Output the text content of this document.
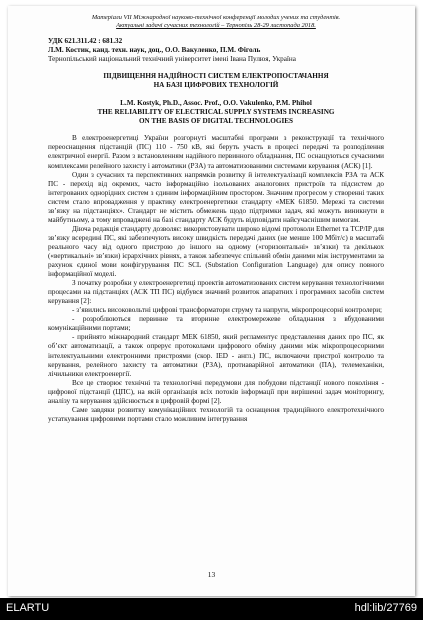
Матеріали VII Міжнародної науково-технічної конференції молодих учених та студентів.
Актуальні задачі сучасних технологій – Тернопіль 28-29 листопада 2018.
УДК 621.311.42 : 681.32
Л.М. Костик, канд. техн. наук, доц., О.О. Вакуленко, П.М. Фіголь
Тернопільський національний технічний університет імені Івана Пулюя, Україна
ПІДВИЩЕННЯ НАДІЙНОСТІ СИСТЕМ ЕЛЕКТРОПОСТАЧАННЯ
НА БАЗІ ЦИФРОВИХ ТЕХНОЛОГІЙ
L.M. Kostyk, Ph.D., Assoc. Prof., O.O. Vakulenko, P.M. Phihol
THE RELIABILITY OF ELECTRICAL SUPPLY SYSTEMS INCREASING
ON THE BASIS OF DIGITAL TECHNOLOGIES

В електроенергетиці України розгорнуті масштабні програми з реконструкції та технічного переоснащення підстанцій (ПС) 110 - 750 кВ, які беруть участь в процесі передачі та розподілення електричної енергії. Разом з встановленням надійного первинного обладнання, ПС оснащуються сучасними комплексами релейного захисту і автоматики (РЗА) та автоматизованими системами керування (АСК) [1].

Один з сучасних та перспективних напрямків розвитку й інтелектуалізації комплексів РЗА та АСК ПС - перехід від окремих, часто інформаційно ізольованих аналогових пристроїв та підсистем до інтегрованих однорідних систем з єдиним інформаційним простором. Значним прогресом у створенні таких систем стало впровадження у практику електроенергетики стандарту «МЕК 61850. Мережі та системи зв’язку на підстанціях». Стандарт не містить обмежень щодо підтримки задач, які можуть виникнути в майбутньому, а тому впроваджені на базі стандарту АСК будуть відповідати найсучаснішим вимогам.

Діюча редакція стандарту дозволяє: використовувати широко відомі протоколи Ethernet та TCP/IP для зв’язку всередині ПС, які забезпечують високу швидкість передачі даних (не менше 100 Мбіт/с) в масштабі реального часу від одного пристрою до іншого на одному («горизонтальні» зв’язки) та декількох («вертикальні» зв’язки) ієрархічних рівнях, а також забезпечує спільний обмін даними між інструментами за рахунок єдиної мови конфігурування ПС SCL (Substation Configuration Language) для опису повного інформаційної моделі.

З початку розробки у електроенергетиці проектів автоматизованих систем керування технологічними процесами на підстанціях (АСК ТП ПС) відбувся значний розвиток апаратних і програмних засобів систем керування [2]:

- з’явились високовольтні цифрові трансформатори струму та напруги, мікропроцесорні контролери;

- розроблюються первинне та вторинне електромережеве обладнання з вбудованими комунікаційними портами;

- прийнято міжнародний стандарт МЕК 61850, який регламентує представлення даних про ПС, як об’єкт автоматизації, а також опрерує протоколами цифрового обміну даними між мікропроцесорними інтелектуальними електронними пристроями (скор. IED - англ.) ПС, включаючи пристрої контролю та керування, релейного захисту та автоматики (РЗА), протиаварійної автоматики (ПА), телемеханіки, лічильники електроенергії.

Все це створює технічні та технологічні передумови для побудови підстанції нового покоління - цифрової підстанції (ЦПС), на якій організація всіх потоків інформації при вирішенні задач моніторингу, аналізу та керування здійснюється в цифровій формі [2].

Саме завдяки розвитку комунікаційних технологій та оснащення традиційного електротехнічного устаткування цифровими портами стало можливим інтегрування

13
ELARTU	hdl:lib/27769
